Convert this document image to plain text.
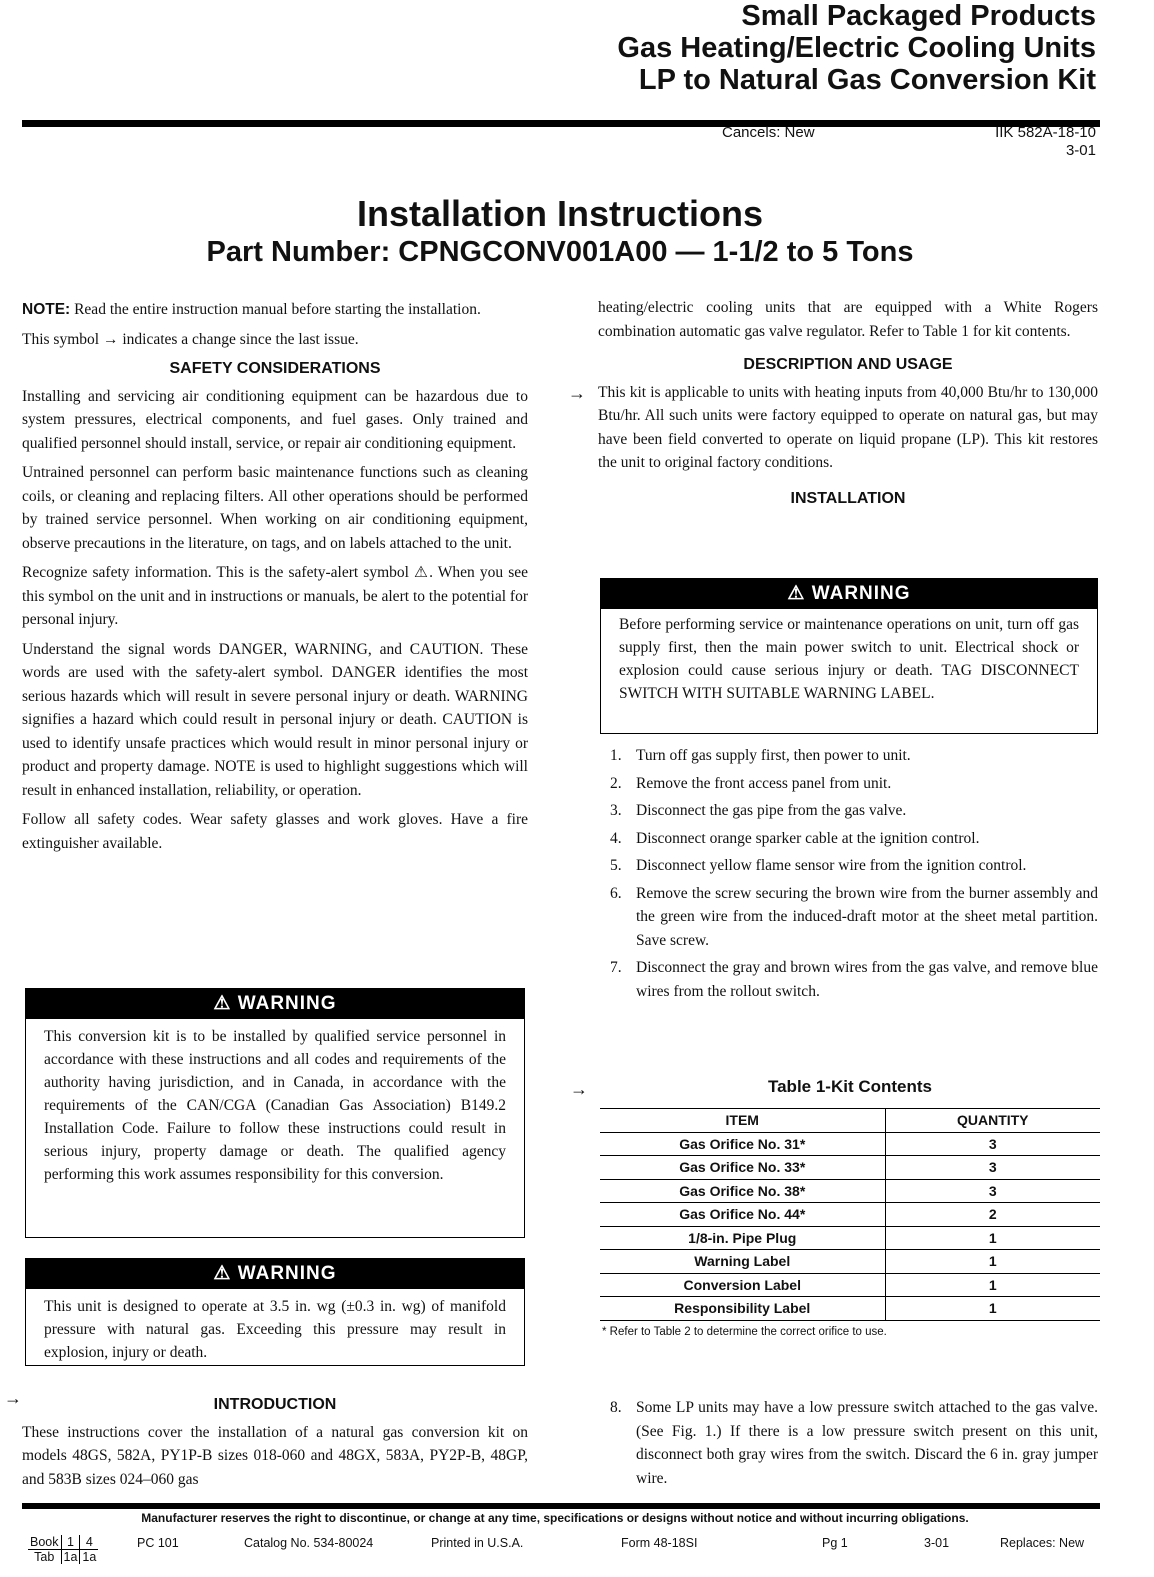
Small Packaged Products
Gas Heating/Electric Cooling Units
LP to Natural Gas Conversion Kit
Cancels: New	IIK 582A-18-10
3-01
Installation Instructions
Part Number: CPNGCONV001A00 — 1-1/2 to 5 Tons

NOTE: Read the entire instruction manual before starting the installation.

This symbol → indicates a change since the last issue.

SAFETY CONSIDERATIONS

Installing and servicing air conditioning equipment can be hazardous due to system pressures, electrical components, and fuel gases. Only trained and qualified personnel should install, service, or repair air conditioning equipment.

Untrained personnel can perform basic maintenance functions such as cleaning coils, or cleaning and replacing filters. All other operations should be performed by trained service personnel. When working on air conditioning equipment, observe precautions in the literature, on tags, and on labels attached to the unit.

Recognize safety information. This is the safety-alert symbol ⚠. When you see this symbol on the unit and in instructions or manuals, be alert to the potential for personal injury.

Understand the signal words DANGER, WARNING, and CAUTION. These words are used with the safety-alert symbol. DANGER identifies the most serious hazards which will result in severe personal injury or death. WARNING signifies a hazard which could result in personal injury or death. CAUTION is used to identify unsafe practices which would result in minor personal injury or product and property damage. NOTE is used to highlight suggestions which will result in enhanced installation, reliability, or operation.

Follow all safety codes. Wear safety glasses and work gloves. Have a fire extinguisher available.

⚠ WARNING
This conversion kit is to be installed by qualified service personnel in accordance with these instructions and all codes and requirements of the authority having jurisdiction, and in Canada, in accordance with the requirements of the CAN/CGA (Canadian Gas Association) B149.2 Installation Code. Failure to follow these instructions could result in serious injury, property damage or death. The qualified agency performing this work assumes responsibility for this conversion.
⚠ WARNING
This unit is designed to operate at 3.5 in. wg (±0.3 in. wg) of manifold pressure with natural gas. Exceeding this pressure may result in explosion, injury or death.
→	INTRODUCTION

These instructions cover the installation of a natural gas conversion kit on models 48GS, 582A, PY1P-B sizes 018-060 and 48GX, 583A, PY2P-B, 48GP, and 583B sizes 024–060 gas

heating/electric cooling units that are equipped with a White Rogers combination automatic gas valve regulator. Refer to Table 1 for kit contents.

DESCRIPTION AND USAGE

This kit is applicable to units with heating inputs from 40,000 Btu/hr to 130,000 Btu/hr. All such units were factory equipped to operate on natural gas, but may have been field converted to operate on liquid propane (LP). This kit restores the unit to original factory conditions.

INSTALLATION
→
⚠ WARNING
Before performing service or maintenance operations on unit, turn off gas supply first, then the main power switch to unit. Electrical shock or explosion could cause serious injury or death. TAG DISCONNECT SWITCH WITH SUITABLE WARNING LABEL.
1. Turn off gas supply first, then power to unit.
2. Remove the front access panel from unit.
3. Disconnect the gas pipe from the gas valve.
4. Disconnect orange sparker cable at the ignition control.
5. Disconnect yellow flame sensor wire from the ignition control.
6. Remove the screw securing the brown wire from the burner assembly and the green wire from the induced-draft motor at the sheet metal partition. Save screw.
7. Disconnect the gray and brown wires from the gas valve, and remove blue wires from the rollout switch.
→	Table 1-Kit Contents
ITEM	QUANTITY
Gas Orifice No. 31*	3
Gas Orifice No. 33*	3
Gas Orifice No. 38*	3
Gas Orifice No. 44*	2
1/8-in. Pipe Plug	1
Warning Label	1
Conversion Label	1
Responsibility Label	1
* Refer to Table 2 to determine the correct orifice to use.
8. Some LP units may have a low pressure switch attached to the gas valve. (See Fig. 1.) If there is a low pressure switch present on this unit, disconnect both gray wires from the switch. Discard the 6 in. gray jumper wire.
Manufacturer reserves the right to discontinue, or change at any time, specifications or designs without notice and without incurring obligations.
Book	1	4
Tab	1a	1a
PC 101	Catalog No. 534-80024	Printed in U.S.A.	Form 48-18SI	Pg 1	3-01	Replaces: New
